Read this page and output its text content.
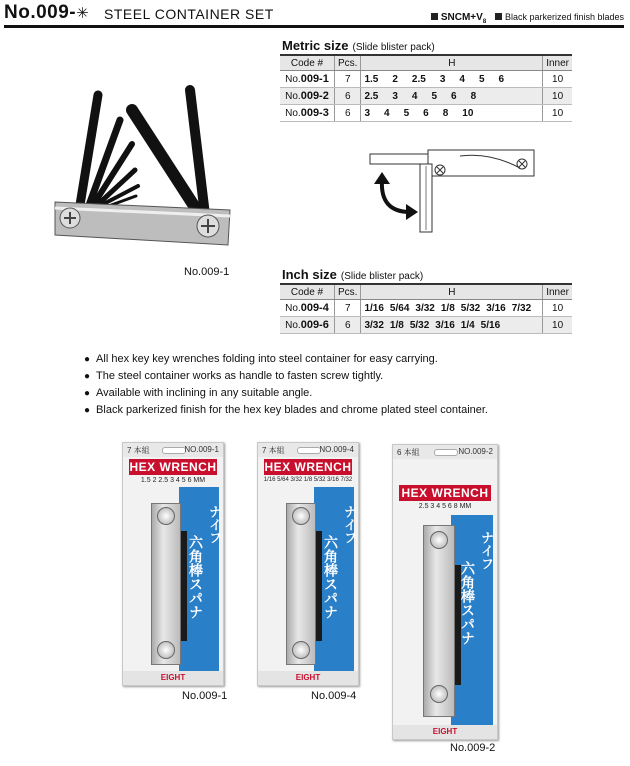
No.009-✳ STEEL CONTAINER SET	$SNCM+V_8$ Black parkerized finish blades
No.009-1
Metric size (Slide blister pack)
Code #	Pcs.	H	Inner
No.009-1	7	1.5 2 2.5 3 4 5 6	10
No.009-2	6	2.5 3 4 5 6 8	10
No.009-3	6	3 4 5 6 8 10	10
Inch size (Slide blister pack)
Code #	Pcs.	H	Inner
No.009-4	7	1/16 5/64 3/32 1/8 5/32 3/16 7/32	10
No.009-6	6	3/32 1/8 5/32 3/16 1/4 5/16	10
● All hex key key wrenches folding into steel container for easy carrying.
● The steel container works as handle to fasten screw tightly.
● Available with inclining in any suitable angle.
● Black parkerized finish for the hex key blades and chrome plated steel container.
7 本組	NO.009-1
HEX WRENCH
1.5 2 2.5 3 4 5 6 MM
ナイフ
六角棒スパナ
EIGHT
No.009-1
7 本組	NO.009-4
HEX WRENCH
1/16 5/64 3/32 1/8 5/32 3/16 7/32
ナイフ
六角棒スパナ
EIGHT
No.009-4
6 本組	NO.009-2
HEX WRENCH
2.5 3 4 5 6 8 MM
ナイフ
六角棒スパナ
EIGHT
No.009-2
